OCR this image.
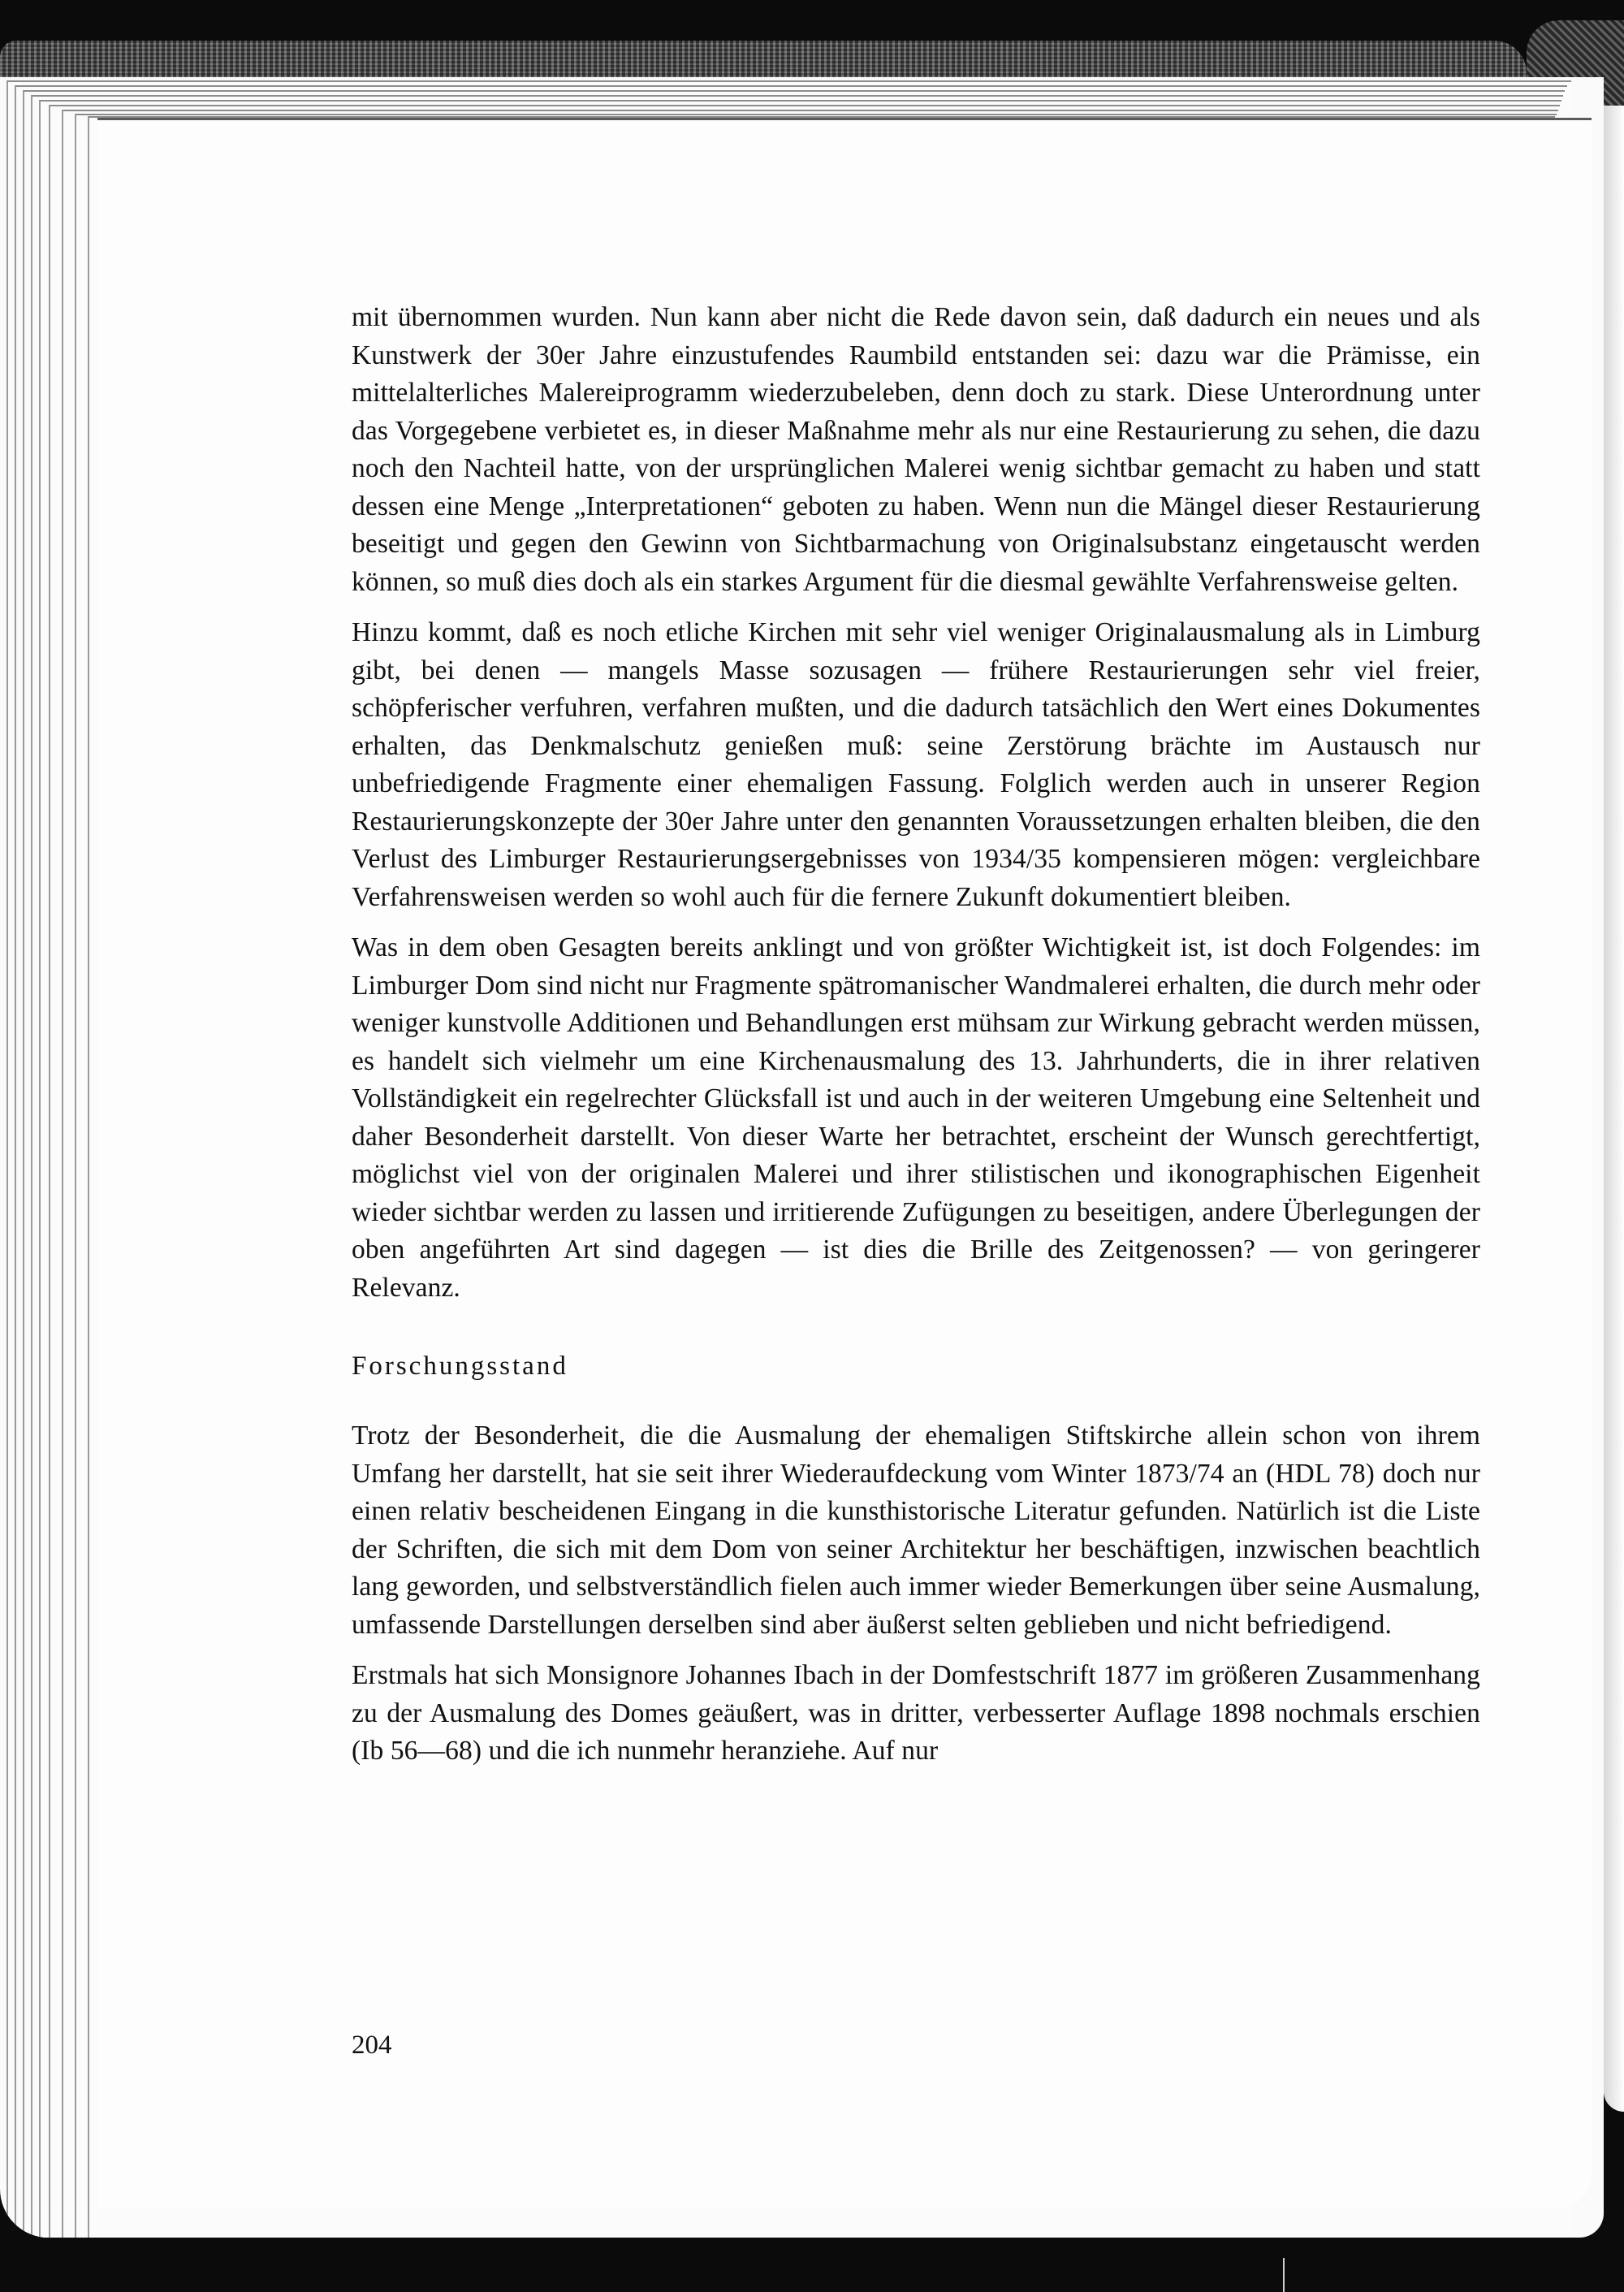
mit übernommen wurden. Nun kann aber nicht die Rede davon sein, daß dadurch ein neues und als Kunstwerk der 30er Jahre einzustufendes Raumbild entstanden sei: dazu war die Prämisse, ein mittelalterliches Malereiprogramm wiederzubeleben, denn doch zu stark. Diese Unterordnung unter das Vorgegebene verbietet es, in dieser Maßnahme mehr als nur eine Restaurierung zu sehen, die dazu noch den Nachteil hatte, von der ursprünglichen Malerei wenig sichtbar gemacht zu haben und statt dessen eine Menge „Interpretationen“ geboten zu haben. Wenn nun die Mängel dieser Restaurierung beseitigt und gegen den Gewinn von Sichtbarmachung von Originalsubstanz eingetauscht werden können, so muß dies doch als ein starkes Argument für die diesmal gewählte Verfahrensweise gelten.

Hinzu kommt, daß es noch etliche Kirchen mit sehr viel weniger Originalausmalung als in Limburg gibt, bei denen — mangels Masse sozusagen — frühere Restaurierungen sehr viel freier, schöpferischer verfuhren, verfahren mußten, und die dadurch tatsächlich den Wert eines Dokumentes erhalten, das Denkmalschutz genießen muß: seine Zerstörung brächte im Austausch nur unbefriedigende Fragmente einer ehemaligen Fassung. Folglich werden auch in unserer Region Restaurierungskonzepte der 30er Jahre unter den genannten Voraussetzungen erhalten bleiben, die den Verlust des Limburger Restaurierungsergebnisses von 1934/35 kompensieren mögen: vergleichbare Verfahrensweisen werden so wohl auch für die fernere Zukunft dokumentiert bleiben.

Was in dem oben Gesagten bereits anklingt und von größter Wichtigkeit ist, ist doch Folgendes: im Limburger Dom sind nicht nur Fragmente spätromanischer Wandmalerei erhalten, die durch mehr oder weniger kunstvolle Additionen und Behandlungen erst mühsam zur Wirkung gebracht werden müssen, es handelt sich vielmehr um eine Kirchenausmalung des 13. Jahrhunderts, die in ihrer relativen Vollständigkeit ein regelrechter Glücksfall ist und auch in der weiteren Umgebung eine Seltenheit und daher Besonderheit darstellt. Von dieser Warte her betrachtet, erscheint der Wunsch gerechtfertigt, möglichst viel von der originalen Malerei und ihrer stilistischen und ikonographischen Eigenheit wieder sichtbar werden zu lassen und irritierende Zufügungen zu beseitigen, andere Überlegungen der oben angeführten Art sind dagegen — ist dies die Brille des Zeitgenossen? — von geringerer Relevanz.

Forschungsstand

Trotz der Besonderheit, die die Ausmalung der ehemaligen Stiftskirche allein schon von ihrem Umfang her darstellt, hat sie seit ihrer Wiederaufdeckung vom Winter 1873/74 an (HDL 78) doch nur einen relativ bescheidenen Eingang in die kunsthistorische Literatur gefunden. Natürlich ist die Liste der Schriften, die sich mit dem Dom von seiner Architektur her beschäftigen, inzwischen beachtlich lang geworden, und selbstverständlich fielen auch immer wieder Bemerkungen über seine Ausmalung, umfassende Darstellungen derselben sind aber äußerst selten geblieben und nicht befriedigend.

Erstmals hat sich Monsignore Johannes Ibach in der Domfestschrift 1877 im größeren Zusammenhang zu der Ausmalung des Domes geäußert, was in dritter, verbesserter Auflage 1898 nochmals erschien (Ib 56—68) und die ich nunmehr heranziehe. Auf nur

204
